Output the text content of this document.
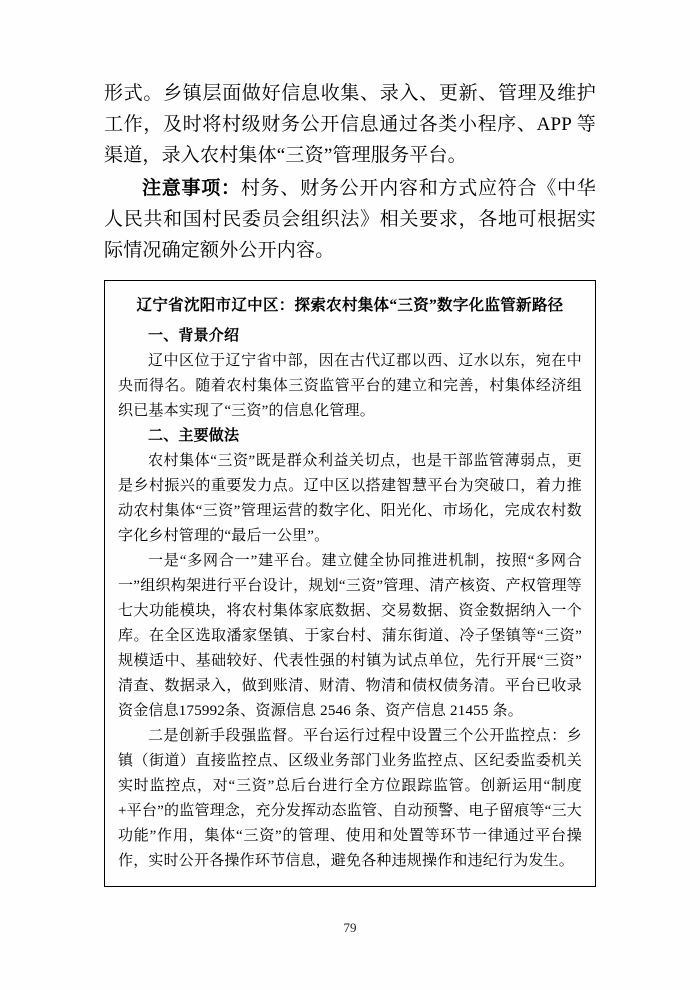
形式。乡镇层面做好信息收集、录入、更新、管理及维护工作，及时将村级财务公开信息通过各类小程序、APP 等渠道，录入农村集体“三资”管理服务平台。

注意事项：村务、财务公开内容和方式应符合《中华人民共和国村民委员会组织法》相关要求，各地可根据实际情况确定额外公开内容。

辽宁省沈阳市辽中区：探索农村集体“三资”数字化监管新路径

一、背景介绍

辽中区位于辽宁省中部，因在古代辽郡以西、辽水以东，宛在中央而得名。随着农村集体三资监管平台的建立和完善，村集体经济组织已基本实现了“三资”的信息化管理。

二、主要做法

农村集体“三资”既是群众利益关切点，也是干部监管薄弱点，更是乡村振兴的重要发力点。辽中区以搭建智慧平台为突破口，着力推动农村集体“三资”管理运营的数字化、阳光化、市场化，完成农村数字化乡村管理的“最后一公里”。

一是“多网合一”建平台。建立健全协同推进机制，按照“多网合一”组织构架进行平台设计，规划“三资”管理、清产核资、产权管理等七大功能模块，将农村集体家底数据、交易数据、资金数据纳入一个库。在全区选取潘家堡镇、于家台村、蒲东街道、冷子堡镇等“三资”规模适中、基础较好、代表性强的村镇为试点单位，先行开展“三资”清查、数据录入，做到账清、财清、物清和债权债务清。平台已收录资金信息175992条、资源信息 2546 条、资产信息 21455 条。

二是创新手段强监督。平台运行过程中设置三个公开监控点：乡镇（街道）直接监控点、区级业务部门业务监控点、区纪委监委机关实时监控点，对“三资”总后台进行全方位跟踪监管。创新运用“制度+平台”的监管理念，充分发挥动态监管、自动预警、电子留痕等“三大功能”作用，集体“三资”的管理、使用和处置等环节一律通过平台操作，实时公开各操作环节信息，避免各种违规操作和违纪行为发生。

79
